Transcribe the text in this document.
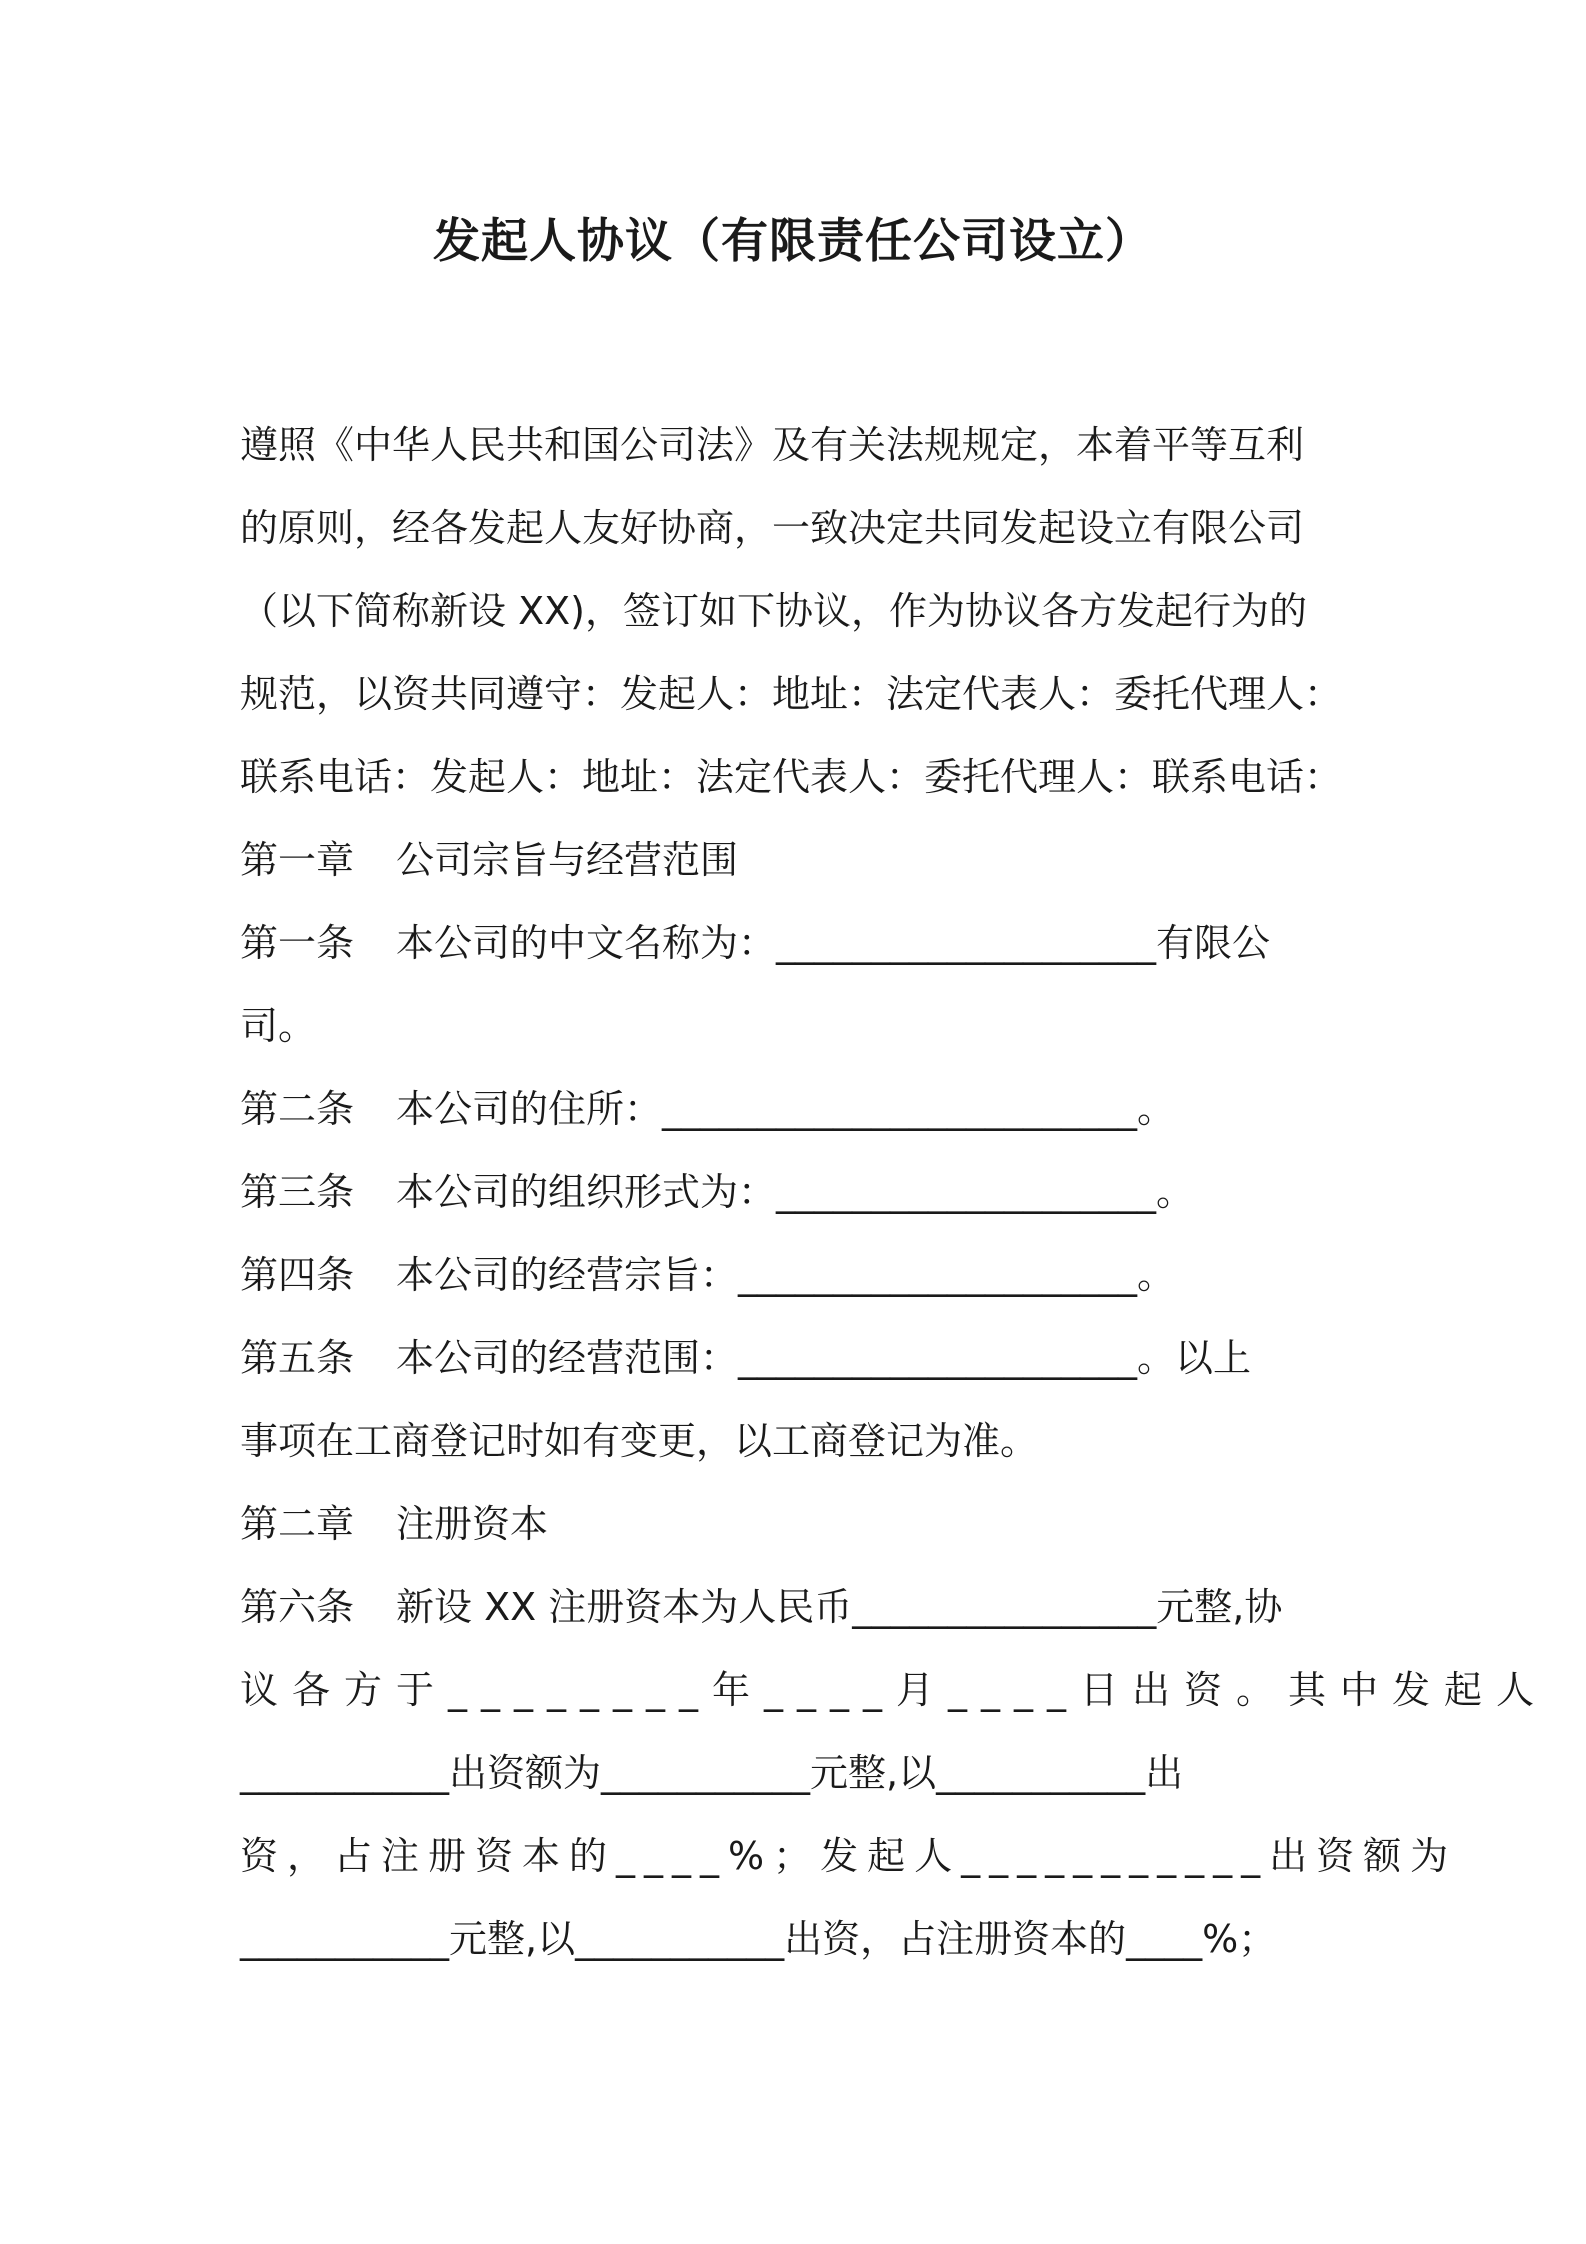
发起人协议（有限责任公司设立）
遵照《中华人民共和国公司法》及有关法规规定，本着平等互利
的原则，经各发起人友好协商，一致决定共同发起设立有限公司
（以下简称新设 XX)，签订如下协议，作为协议各方发起行为的
规范，以资共同遵守：发起人：地址：法定代表人：委托代理人：
联系电话：发起人：地址：法定代表人：委托代理人：联系电话：
第一章 公司宗旨与经营范围
第一条 本公司的中文名称为：____________________有限公
司。
第二条 本公司的住所：_________________________。
第三条 本公司的组织形式为：____________________。
第四条 本公司的经营宗旨：_____________________。
第五条 本公司的经营范围：_____________________。以上
事项在工商登记时如有变更，以工商登记为准。
第二章 注册资本
第六条 新设 XX 注册资本为人民币________________元整,协
议各方于________年____月____日出资。其中发起人
___________出资额为___________元整,以___________出
资，占注册资本的____%；发起人___________出资额为
___________元整,以___________出资，占注册资本的____%；
